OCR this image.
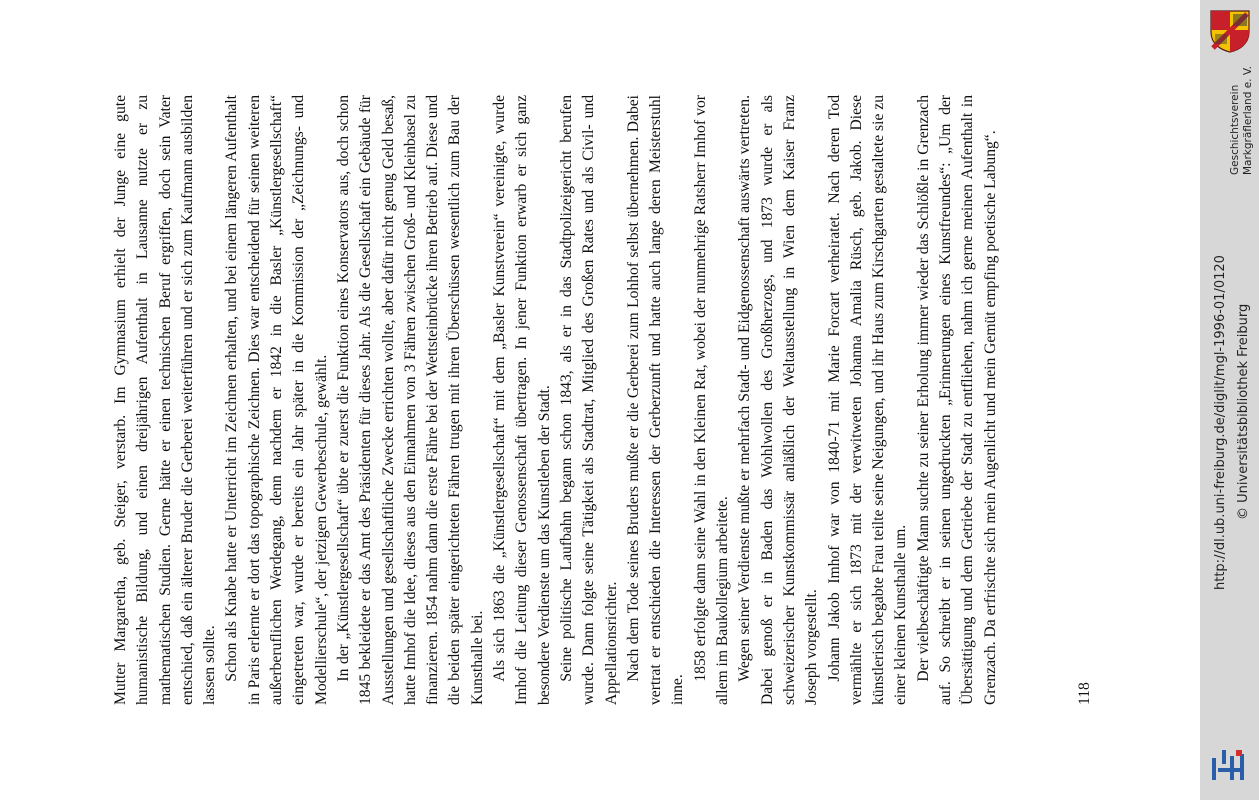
Mutter Margaretha, geb. Steiger, verstarb. Im Gymnasium erhielt der Junge eine gute humanistische Bildung, und einen dreijährigen Aufenthalt in Lausanne nutzte er zu mathematischen Studien. Gerne hätte er einen technischen Beruf ergriffen, doch sein Vater entschied, daß ein älterer Bruder die Gerberei weiterführen und er sich zum Kaufmann ausbilden lassen sollte. Schon als Knabe hatte er Unterricht im Zeichnen erhalten, und bei einem längeren Aufenthalt in Paris erlernte er dort das topographische Zeichnen. Dies war entscheidend für seinen weiteren außerberuflichen Werdegang, denn nachdem er 1842 in die Basler „Künstlergesellschaft“ eingetreten war, wurde er bereits ein Jahr später in die Kommission der „Zeichnungs- und Modellierschule“, der jetzigen Gewerbeschule, gewählt. In der „Künstlergesellschaft“ übte er zuerst die Funktion eines Konservators aus, doch schon 1845 bekleidete er das Amt des Präsidenten für dieses Jahr. Als die Gesellschaft ein Gebäude für Ausstellungen und gesellschaftliche Zwecke errichten wollte, aber dafür nicht genug Geld besaß, hatte Imhof die Idee, dieses aus den Einnahmen von 3 Fähren zwischen Groß- und Kleinbasel zu finanzieren. 1854 nahm dann die erste Fähre bei der Wettsteinbrücke ihren Betrieb auf. Diese und die beiden später eingerichteten Fähren trugen mit ihren Überschüssen wesentlich zum Bau der Kunsthalle bei. Als sich 1863 die „Künstlergesellschaft“ mit dem „Basler Kunstverein“ vereinigte, wurde Imhof die Leitung dieser Genossenschaft übertragen. In jener Funktion erwarb er sich ganz besondere Verdienste um das Kunstleben der Stadt. Seine politische Laufbahn begann schon 1843, als er in das Stadtpolizeigericht berufen wurde. Dann folgte seine Tätigkeit als Stadtrat, Mitglied des Großen Rates und als Civil- und Appellationsrichter. Nach dem Tode seines Bruders mußte er die Gerberei zum Lohhof selbst übernehmen. Dabei vertrat er entschieden die Interessen der Gerberzunft und hatte auch lange deren Meisterstuhl inne.

1858 erfolgte dann seine Wahl in den Kleinen Rat, wobei der nunmehrige Ratsherr Imhof vor allem im Baukollegium arbeitete. Wegen seiner Verdienste mußte er mehrfach Stadt- und Eidgenossenschaft auswärts vertreten. Dabei genoß er in Baden das Wohlwollen des Großherzogs, und 1873 wurde er als schweizerischer Kunstkommissär anläßlich der Weltausstellung in Wien dem Kaiser Franz Joseph vorgestellt. Johann Jakob Imhof war von 1840-71 mit Marie Forcart verheiratet. Nach deren Tod vermählte er sich 1873 mit der verwitweten Johanna Amalia Rüsch, geb. Jakob. Diese künstlerisch begabte Frau teilte seine Neigungen, und ihr Haus zum Kirschgarten gestaltete sie zu einer kleinen Kunsthalle um. Der vielbeschäftigte Mann suchte zu seiner Erholung immer wieder das Schlößle in Grenzach auf. So schreibt er in seinen ungedruckten „Erinnerungen eines Kunstfreundes“: „Um der Übersättigung und dem Getriebe der Stadt zu entfliehen, nahm ich gerne meinen Aufenthalt in Grenzach. Da erfrischte sich mein Augenlicht und mein Gemüt empfing poetische Labung“.	118
Geschichtsverein Markgräflerland e. V.
http://dl.ub.uni-freiburg.de/diglit/mgl-1996-01/0120 © Universitätsbibliothek Freiburg
